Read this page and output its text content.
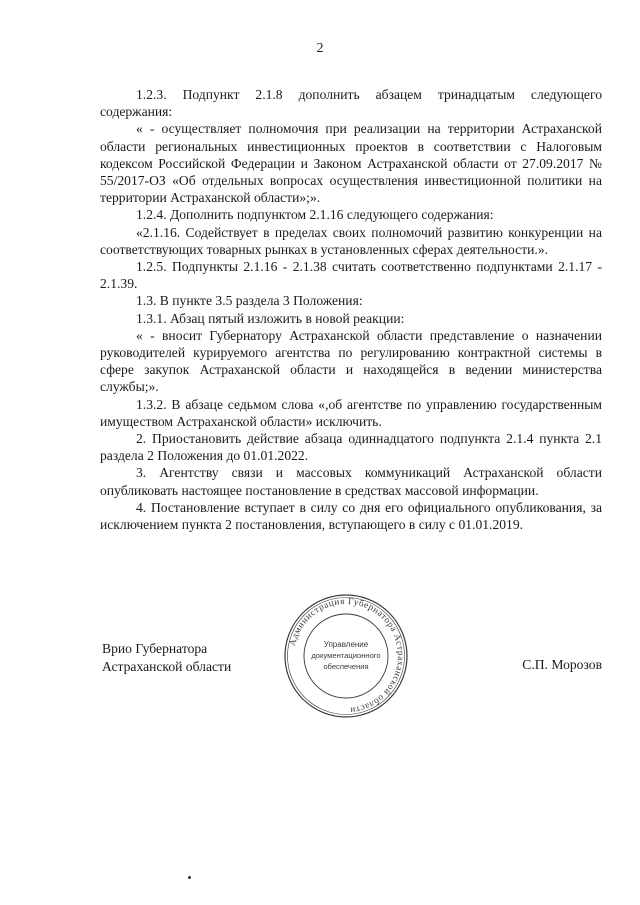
2

1.2.3. Подпункт 2.1.8 дополнить абзацем тринадцатым следующего содержания:

« - осуществляет полномочия при реализации на территории Астраханской области региональных инвестиционных проектов в соответствии с Налоговым кодексом Российской Федерации и Законом Астраханской области от 27.09.2017 № 55/2017-ОЗ «Об отдельных вопросах осуществления инвестиционной политики на территории Астраханской области»;».

1.2.4. Дополнить подпунктом 2.1.16 следующего содержания:

«2.1.16. Содействует в пределах своих полномочий развитию конкуренции на соответствующих товарных рынках в установленных сферах деятельности.».

1.2.5. Подпункты 2.1.16 - 2.1.38 считать соответственно подпунктами 2.1.17 - 2.1.39.

1.3. В пункте 3.5 раздела 3 Положения:

1.3.1. Абзац пятый изложить в новой реакции:

« - вносит Губернатору Астраханской области представление о назначении руководителей курируемого агентства по регулированию контрактной системы в сфере закупок Астраханской области и находящейся в ведении министерства службы;».

1.3.2. В абзаце седьмом слова «,об агентстве по управлению государственным имуществом Астраханской области» исключить.

2. Приостановить действие абзаца одиннадцатого подпункта 2.1.4 пункта 2.1 раздела 2 Положения до 01.01.2022.

3. Агентству связи и массовых коммуникаций Астраханской области опубликовать настоящее постановление в средствах массовой информации.

4. Постановление вступает в силу со дня его официального опубликования, за исключением пункта 2 постановления, вступающего в силу с 01.01.2019.

Врио Губернатора
Астраханской области
Администрация Губернатора Астраханской области
Управление
документационного
обеспечения	С.П. Морозов
